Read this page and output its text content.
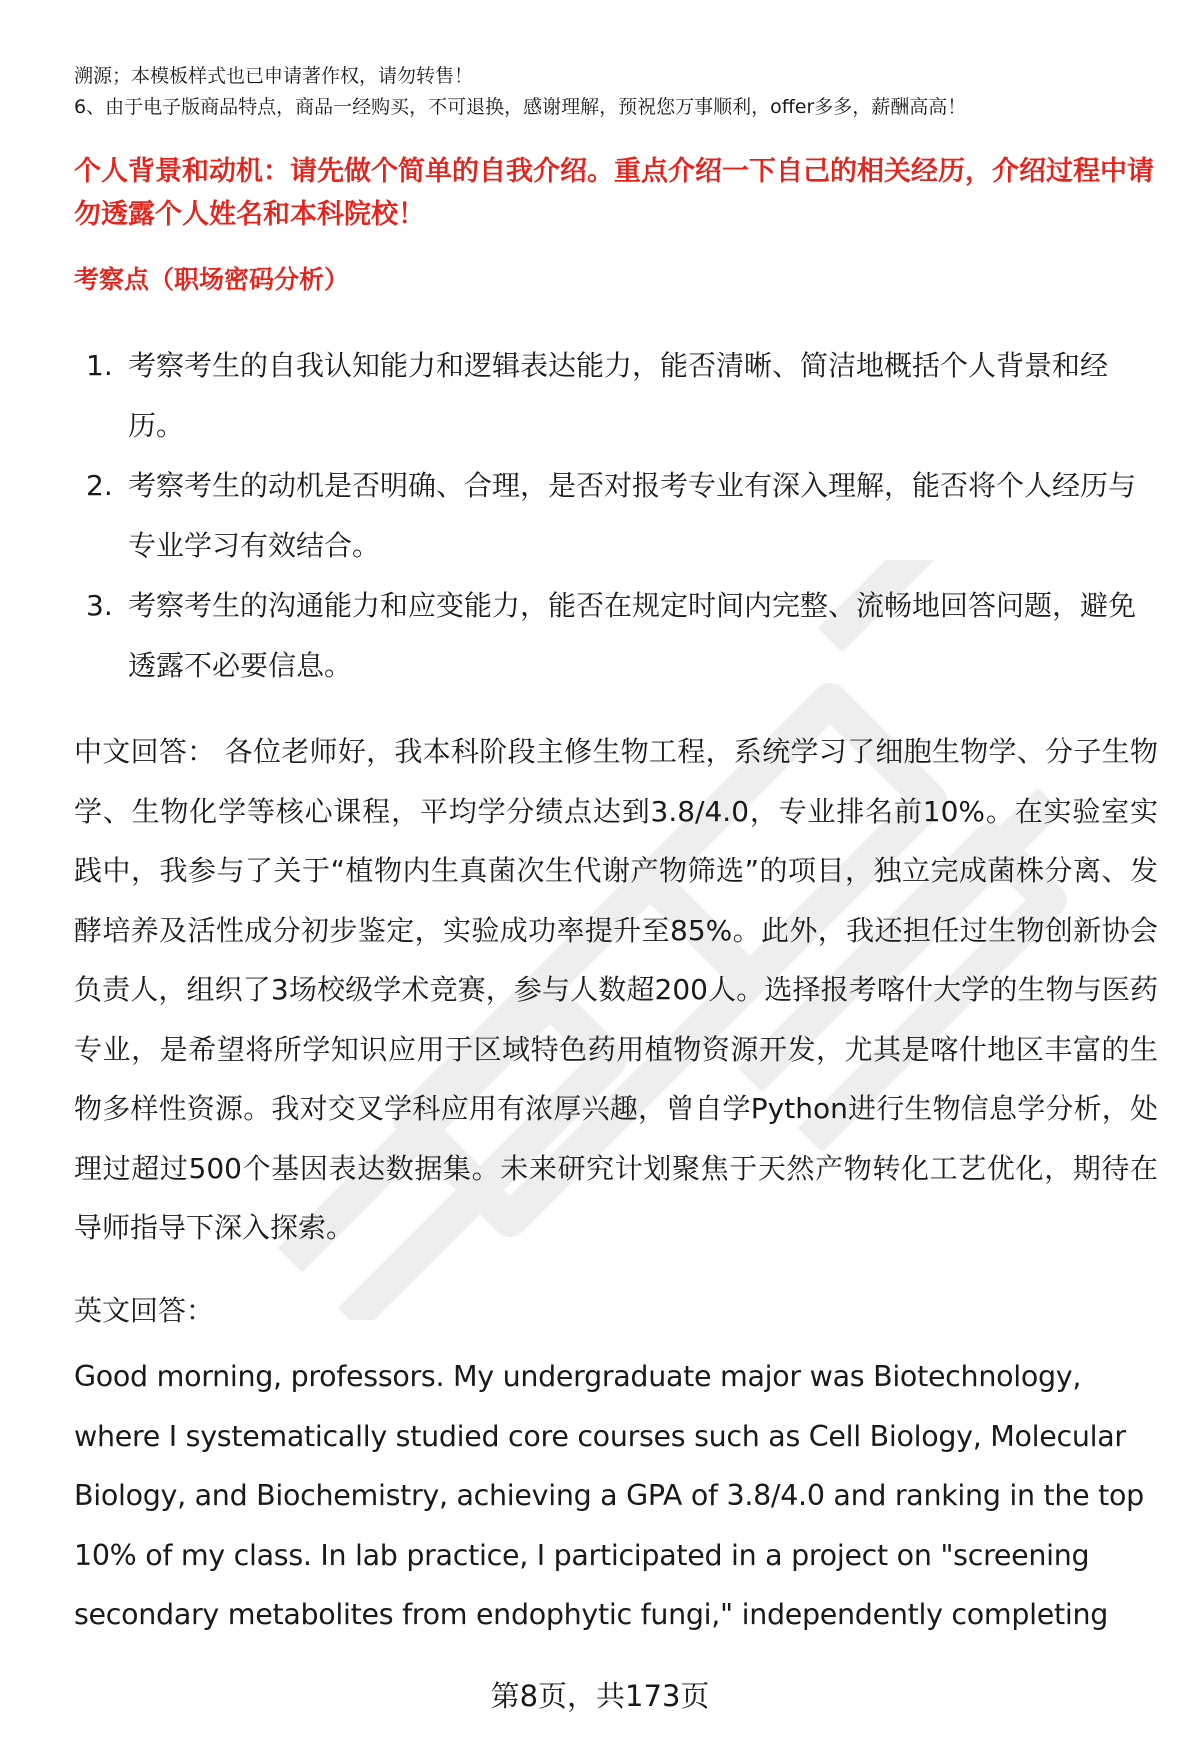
溯源；本模板样式也已申请著作权，请勿转售！
6、由于电子版商品特点，商品一经购买，不可退换，感谢理解，预祝您万事顺利，offer多多，薪酬高高！
个人背景和动机：请先做个简单的自我介绍。重点介绍一下自己的相关经历，介绍过程中请勿透露个人姓名和本科院校！
考察点（职场密码分析）
1. 考察考生的自我认知能力和逻辑表达能力，能否清晰、简洁地概括个人背景和经历。
2. 考察考生的动机是否明确、合理，是否对报考专业有深入理解，能否将个人经历与专业学习有效结合。
3. 考察考生的沟通能力和应变能力，能否在规定时间内完整、流畅地回答问题，避免透露不必要信息。
中文回答： 各位老师好，我本科阶段主修生物工程，系统学习了细胞生物学、分子生物学、生物化学等核心课程，平均学分绩点达到3.8/4.0，专业排名前10%。在实验室实践中，我参与了关于“植物内生真菌次生代谢产物筛选”的项目，独立完成菌株分离、发酵培养及活性成分初步鉴定，实验成功率提升至85%。此外，我还担任过生物创新协会负责人，组织了3场校级学术竞赛，参与人数超200人。选择报考喀什大学的生物与医药专业，是希望将所学知识应用于区域特色药用植物资源开发，尤其是喀什地区丰富的生物多样性资源。我对交叉学科应用有浓厚兴趣，曾自学Python进行生物信息学分析，处理过超过500个基因表达数据集。未来研究计划聚焦于天然产物转化工艺优化，期待在导师指导下深入探索。
英文回答：
Good morning, professors. My undergraduate major was Biotechnology, where I systematically studied core courses such as Cell Biology, Molecular Biology, and Biochemistry, achieving a GPA of 3.8/4.0 and ranking in the top 10% of my class. In lab practice, I participated in a project on "screening secondary metabolites from endophytic fungi," independently completing
第8页，共173页
